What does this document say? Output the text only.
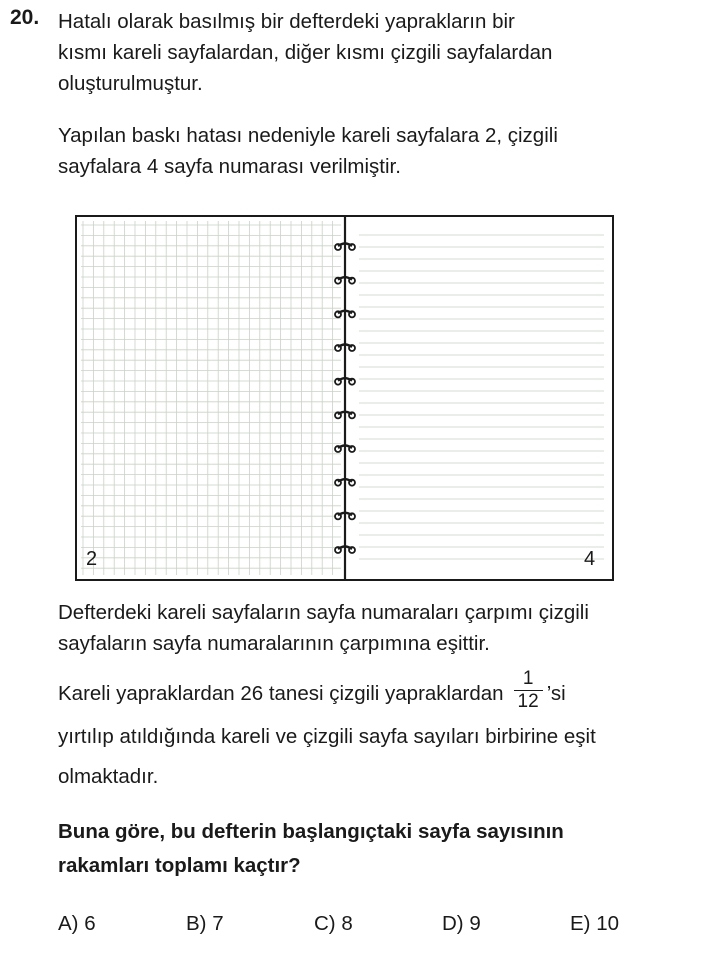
20. Hatalı olarak basılmış bir defterdeki yaprakların bir
kısmı kareli sayfalardan, diğer kısmı çizgili sayfalardan
oluşturulmuştur.

Yapılan baskı hatası nedeniyle kareli sayfalara 2, çizgili
sayfalara 4 sayfa numarası verilmiştir.

2	4

Defterdeki kareli sayfaların sayfa numaraları çarpımı çizgili
sayfaların sayfa numaralarının çarpımına eşittir.

Kareli yapraklardan 26 tanesi çizgili yapraklardan $\frac{1}{12}$ ’si
yırtılıp atıldığında kareli ve çizgili sayfa sayıları birbirine eşit
olmaktadır.

Buna göre, bu defterin başlangıçtaki sayfa sayısının
rakamları toplamı kaçtır?

A) 6	B) 7	C) 8	D) 9	E) 10
